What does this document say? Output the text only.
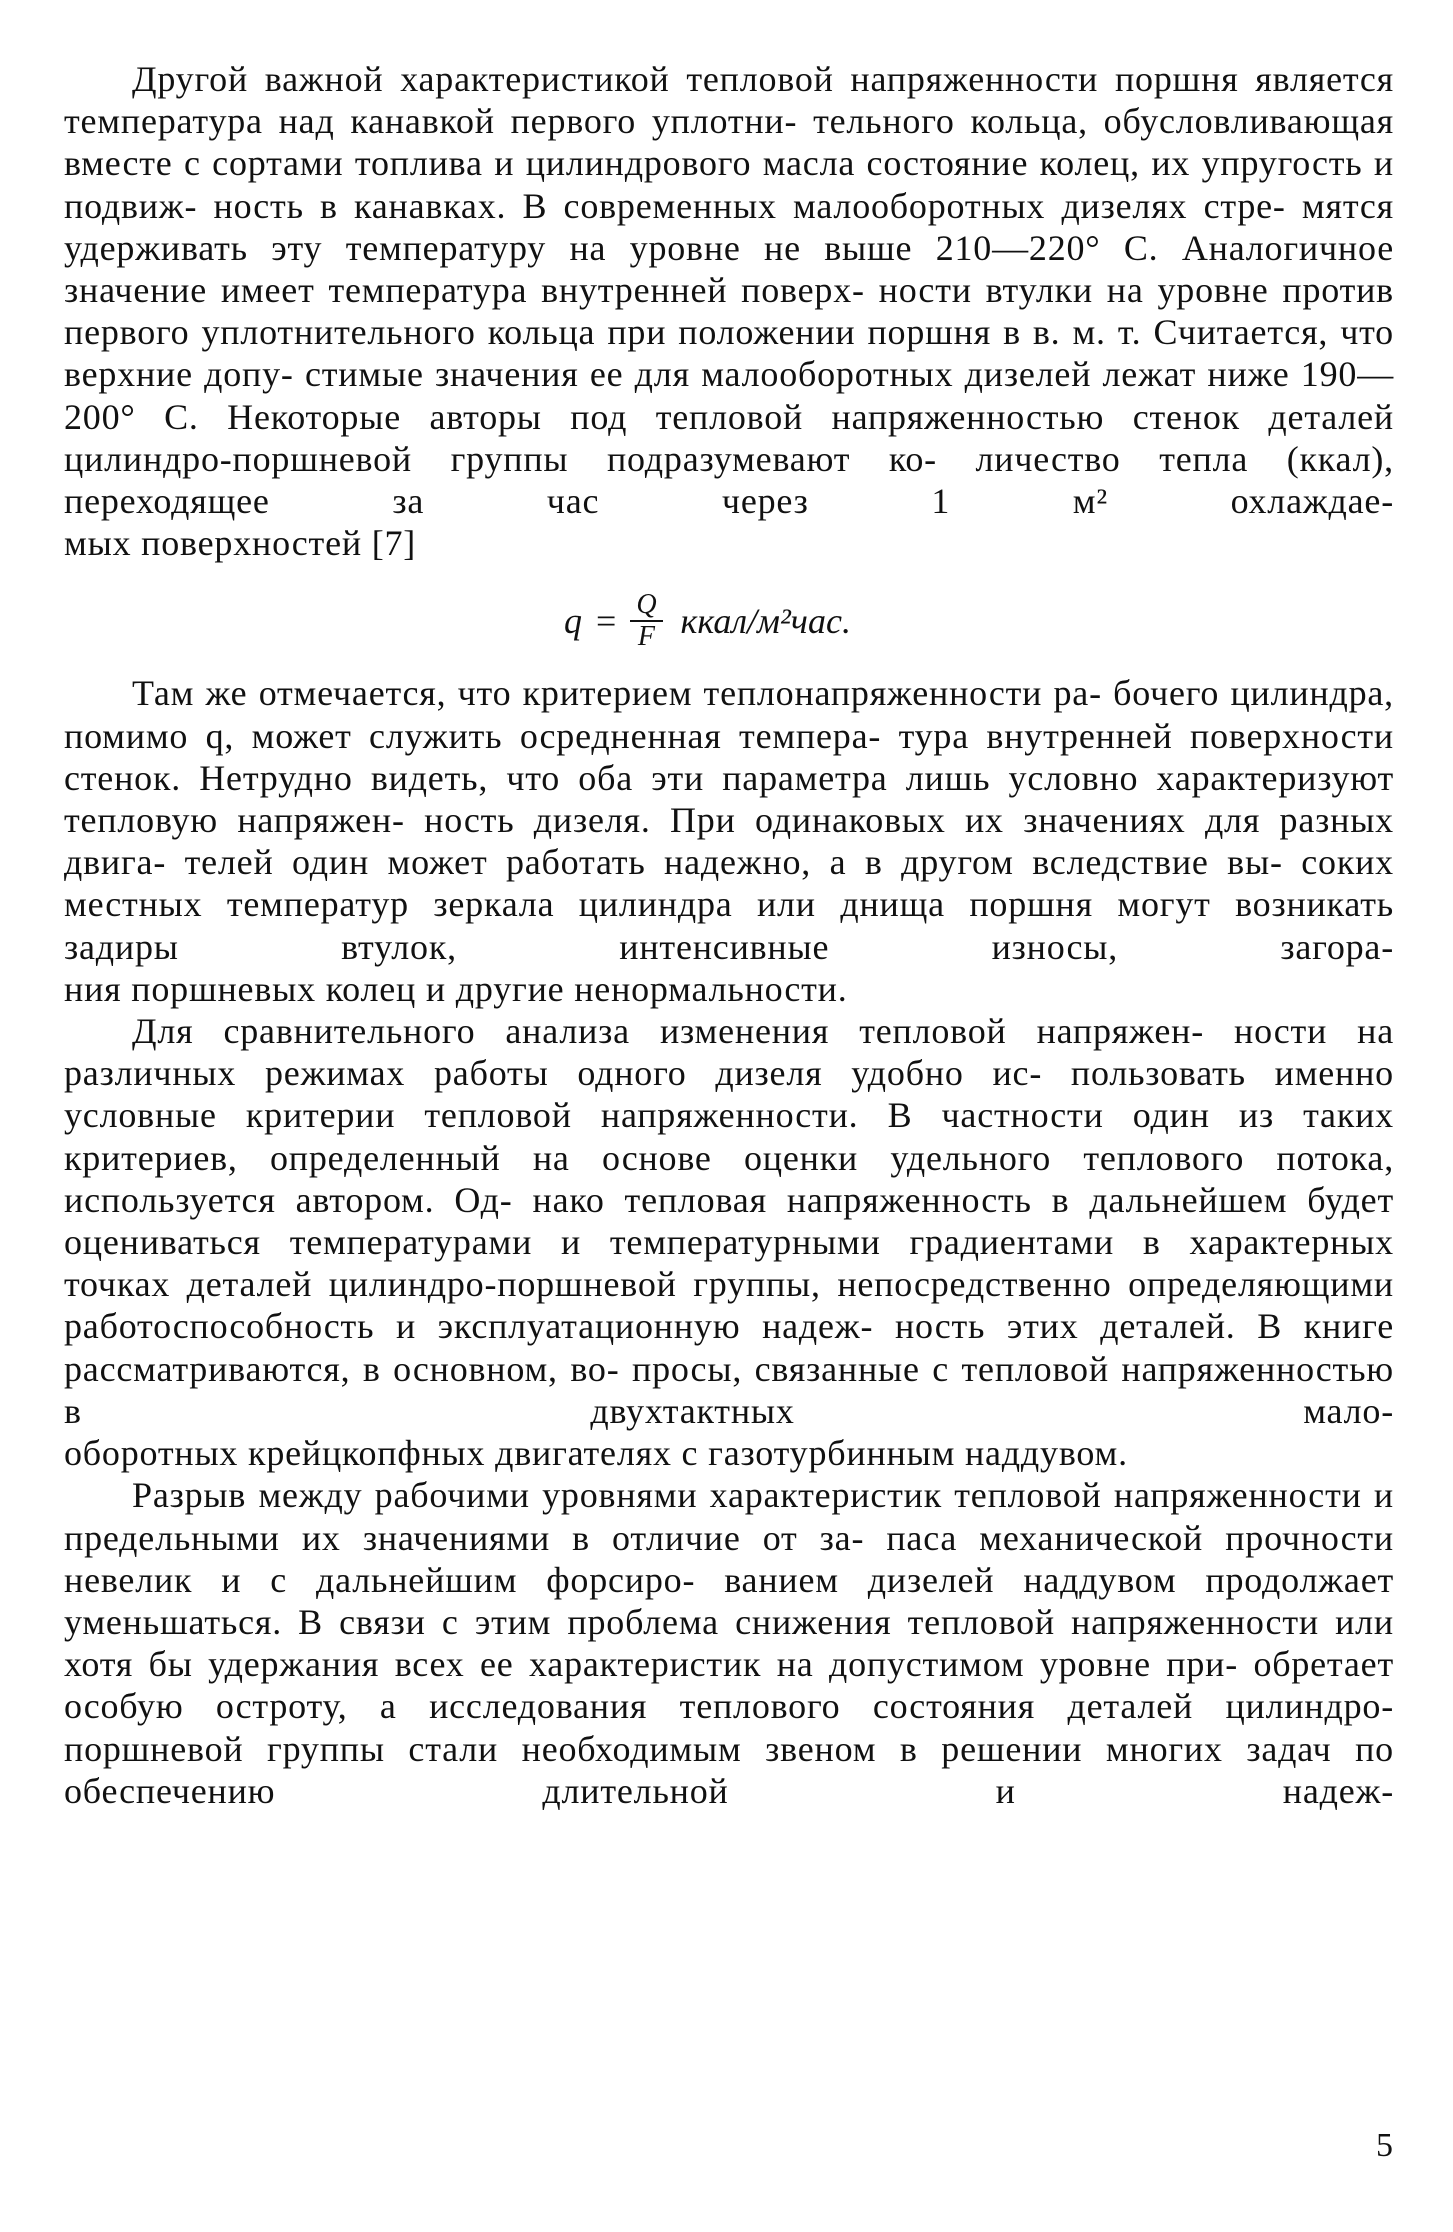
Другой важной характеристикой тепловой напряженности поршня является температура над канавкой первого уплотни- тельного кольца, обусловливающая вместе с сортами топлива и цилиндрового масла состояние колец, их упругость и подвиж- ность в канавках. В современных малооборотных дизелях стре- мятся удерживать эту температуру на уровне не выше 210—220° С. Аналогичное значение имеет температура внутренней поверх- ности втулки на уровне против первого уплотнительного кольца при положении поршня в в. м. т. Считается, что верхние допу- стимые значения ее для малооборотных дизелей лежат ниже 190—200° С. Некоторые авторы под тепловой напряженностью стенок деталей цилиндро-поршневой группы подразумевают ко- личество тепла (ккал), переходящее за час через 1 м² охлаждае-
мых поверхностей [7]

$q = \frac{Q}{F}$ ккал/м²час.

Там же отмечается, что критерием теплонапряженности ра- бочего цилиндра, помимо q, может служить осредненная темпера- тура внутренней поверхности стенок. Нетрудно видеть, что оба эти параметра лишь условно характеризуют тепловую напряжен- ность дизеля. При одинаковых их значениях для разных двига- телей один может работать надежно, а в другом вследствие вы- соких местных температур зеркала цилиндра или днища поршня могут возникать задиры втулок, интенсивные износы, загора-
ния поршневых колец и другие ненормальности.

Для сравнительного анализа изменения тепловой напряжен- ности на различных режимах работы одного дизеля удобно ис- пользовать именно условные критерии тепловой напряженности. В частности один из таких критериев, определенный на основе оценки удельного теплового потока, используется автором. Од- нако тепловая напряженность в дальнейшем будет оцениваться температурами и температурными градиентами в характерных точках деталей цилиндро-поршневой группы, непосредственно определяющими работоспособность и эксплуатационную надеж- ность этих деталей. В книге рассматриваются, в основном, во- просы, связанные с тепловой напряженностью в двухтактных мало-
оборотных крейцкопфных двигателях с газотурбинным наддувом.

Разрыв между рабочими уровнями характеристик тепловой напряженности и предельными их значениями в отличие от за- паса механической прочности невелик и с дальнейшим форсиро- ванием дизелей наддувом продолжает уменьшаться. В связи с этим проблема снижения тепловой напряженности или хотя бы удержания всех ее характеристик на допустимом уровне при- обретает особую остроту, а исследования теплового состояния деталей цилиндро-поршневой группы стали необходимым звеном в решении многих задач по обеспечению длительной и надеж-

5
